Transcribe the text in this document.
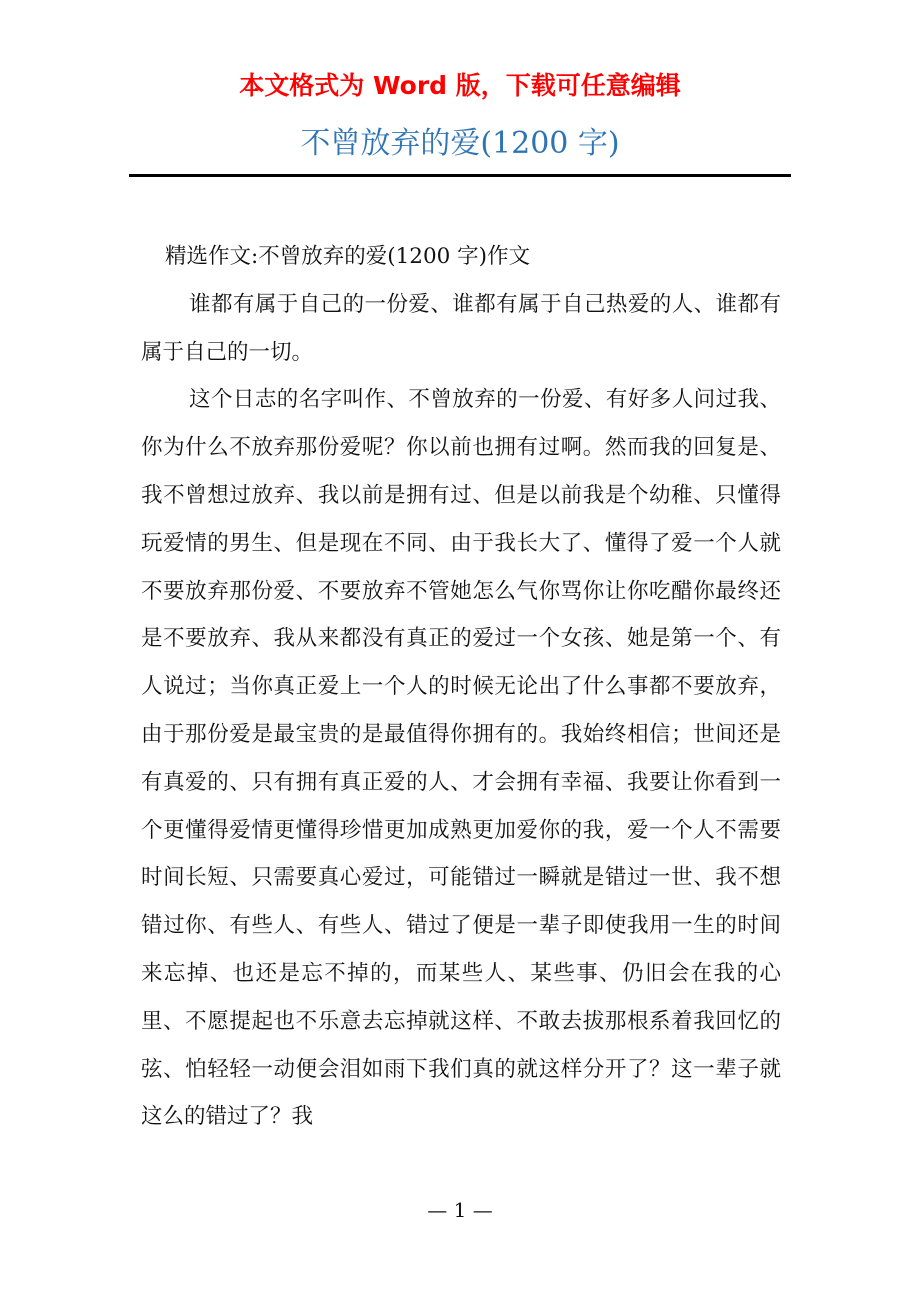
本文格式为 Word 版，下载可任意编辑
不曾放弃的爱(1200 字)

精选作文:不曾放弃的爱(1200 字)作文

谁都有属于自己的一份爱、谁都有属于自己热爱的人、谁都有属于自己的一切。

这个日志的名字叫作、不曾放弃的一份爱、有好多人问过我、你为什么不放弃那份爱呢？你以前也拥有过啊。然而我的回复是、我不曾想过放弃、我以前是拥有过、但是以前我是个幼稚、只懂得玩爱情的男生、但是现在不同、由于我长大了、懂得了爱一个人就不要放弃那份爱、不要放弃不管她怎么气你骂你让你吃醋你最终还是不要放弃、我从来都没有真正的爱过一个女孩、她是第一个、有人说过；当你真正爱上一个人的时候无论出了什么事都不要放弃，由于那份爱是最宝贵的是最值得你拥有的。我始终相信；世间还是有真爱的、只有拥有真正爱的人、才会拥有幸福、我要让你看到一个更懂得爱情更懂得珍惜更加成熟更加爱你的我，爱一个人不需要时间长短、只需要真心爱过，可能错过一瞬就是错过一世、我不想错过你、有些人、有些人、错过了便是一辈子即使我用一生的时间来忘掉、也还是忘不掉的，而某些人、某些事、仍旧会在我的心里、不愿提起也不乐意去忘掉就这样、不敢去拔那根系着我回忆的弦、怕轻轻一动便会泪如雨下我们真的就这样分开了？这一辈子就这么的错过了？我

— 1 —
